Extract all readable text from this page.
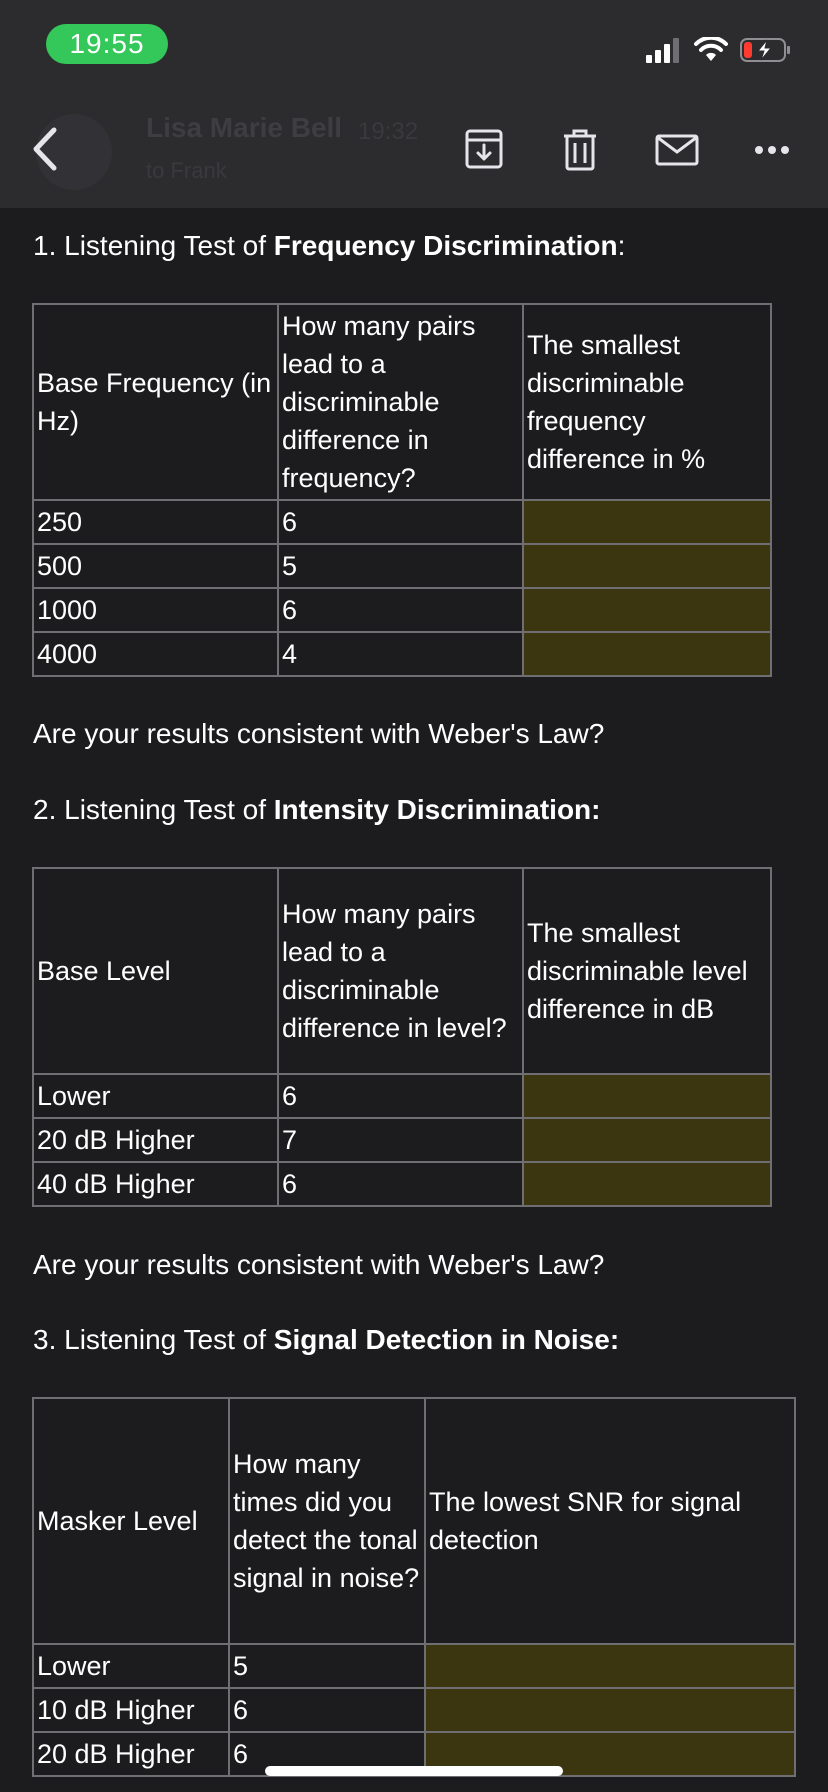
19:55
Lisa Marie Bell 19:32
to Frank
1. Listening Test of Frequency Discrimination:
Base Frequency (in Hz)	How many pairs lead to a discriminable difference in frequency?	The smallest discriminable frequency difference in %
250	6	
500	5	
1000	6	
4000	4	
Are your results consistent with Weber's Law?
2. Listening Test of Intensity Discrimination:
Base Level	How many pairs lead to a discriminable difference in level?	The smallest discriminable level difference in dB
Lower	6	
20 dB Higher	7	
40 dB Higher	6	
Are your results consistent with Weber's Law?
3. Listening Test of Signal Detection in Noise:
Masker Level	How many times did you detect the tonal signal in noise?	The lowest SNR for signal detection
Lower	5	
10 dB Higher	6	
20 dB Higher	6	
